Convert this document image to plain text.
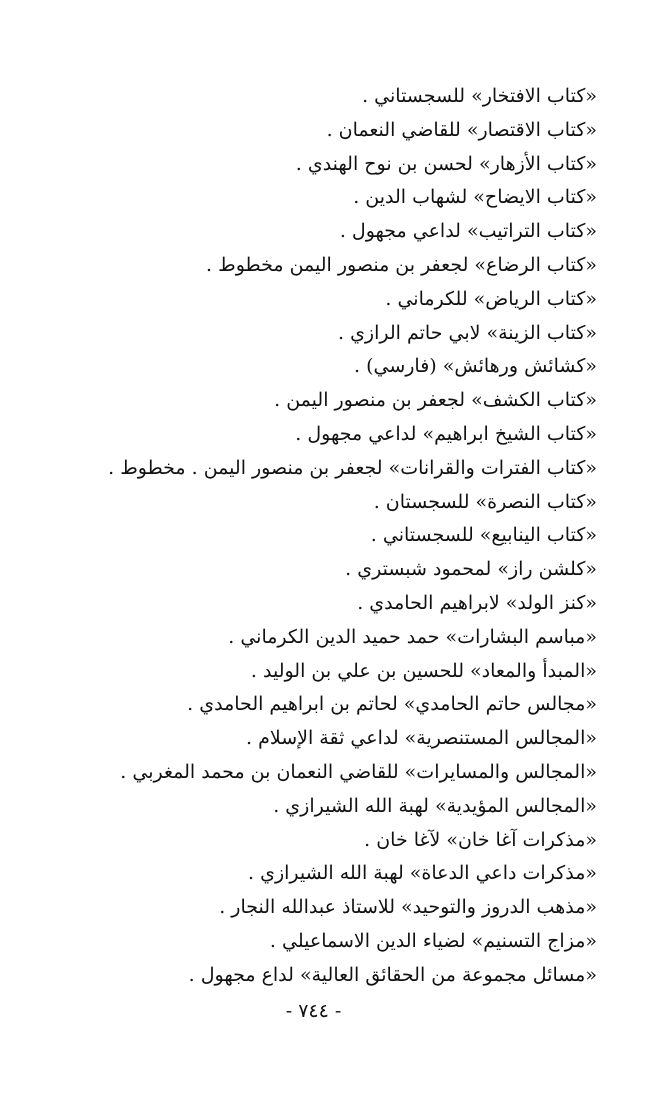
«كتاب الافتخار» للسجستاني .
«كتاب الاقتصار» للقاضي النعمان .
«كتاب الأزهار» لحسن بن نوح الهندي .
«كتاب الايضاح» لشهاب الدين .
«كتاب التراتيب» لداعي مجهول .
«كتاب الرضاع» لجعفر بن منصور اليمن مخطوط .
«كتاب الرياض» للكرماني .
«كتاب الزينة» لابي حاتم الرازي .
«كشائش ورهائش» (فارسي) .
«كتاب الكشف» لجعفر بن منصور اليمن .
«كتاب الشيخ ابراهيم» لداعي مجهول .
«كتاب الفترات والقرانات» لجعفر بن منصور اليمن . مخطوط .
«كتاب النصرة» للسجستان .
«كتاب الينابيع» للسجستاني .
«كلشن راز» لمحمود شبستري .
«كنز الولد» لابراهيم الحامدي .
«مباسم البشارات» حمد حميد الدين الكرماني .
«المبدأ والمعاد» للحسين بن علي بن الوليد .
«مجالس حاتم الحامدي» لحاتم بن ابراهيم الحامدي .
«المجالس المستنصرية» لداعي ثقة الإسلام .
«المجالس والمسايرات» للقاضي النعمان بن محمد المغربي .
«المجالس المؤيدية» لهبة الله الشيرازي .
«مذكرات آغا خان» لآغا خان .
«مذكرات داعي الدعاة» لهبة الله الشيرازي .
«مذهب الدروز والتوحيد» للاستاذ عبدالله النجار .
«مزاج التسنيم» لضياء الدين الاسماعيلي .
«مسائل مجموعة من الحقائق العالية» لداع مجهول .
- ٧٤٤ -
